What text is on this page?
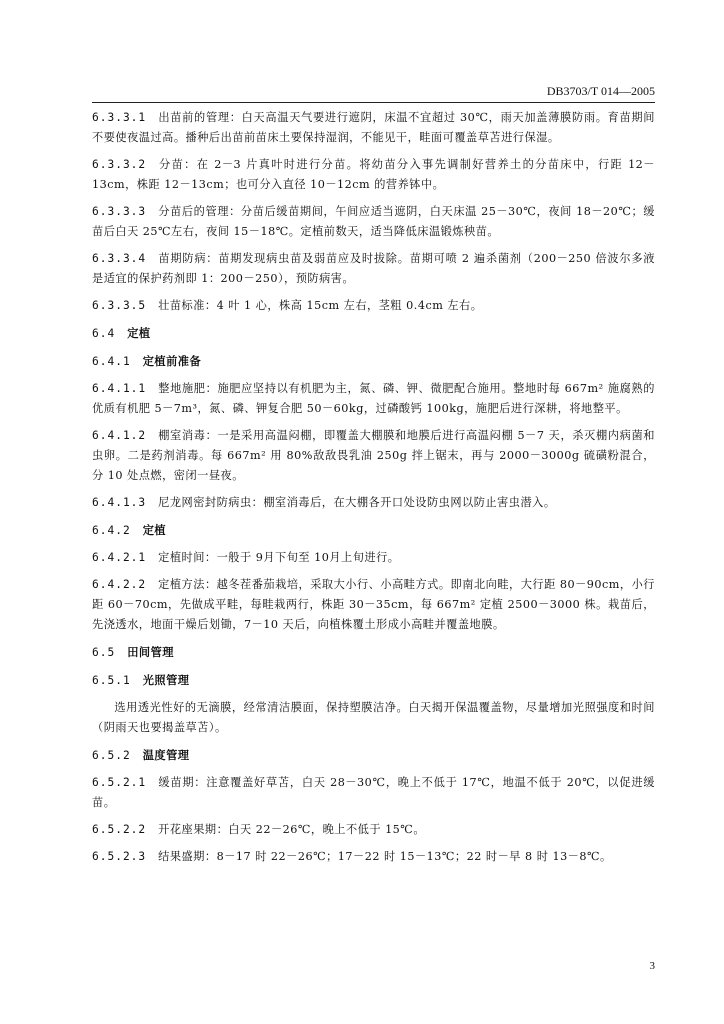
DB3703/T 014—2005

6.3.3.1 出苗前的管理：白天高温天气要进行遮阴，床温不宜超过 30℃，雨天加盖薄膜防雨。育苗期间不要使夜温过高。播种后出苗前苗床土要保持湿润，不能见干，畦面可覆盖草苫进行保湿。

6.3.3.2 分苗：在 2－3 片真叶时进行分苗。将幼苗分入事先调制好营养土的分苗床中，行距 12－13cm，株距 12－13cm；也可分入直径 10－12cm 的营养钵中。

6.3.3.3 分苗后的管理：分苗后缓苗期间，午间应适当遮阴，白天床温 25－30℃，夜间 18－20℃；缓苗后白天 25℃左右，夜间 15－18℃。定植前数天，适当降低床温锻炼秧苗。

6.3.3.4 苗期防病：苗期发现病虫苗及弱苗应及时拔除。苗期可喷 2 遍杀菌剂（200－250 倍波尔多液是适宜的保护药剂即 1：200－250），预防病害。

6.3.3.5 壮苗标准：4 叶 1 心，株高 15cm 左右，茎粗 0.4cm 左右。

6.4 定植

6.4.1 定植前准备

6.4.1.1 整地施肥：施肥应坚持以有机肥为主，氮、磷、钾、微肥配合施用。整地时每 667m² 施腐熟的优质有机肥 5－7m³，氮、磷、钾复合肥 50－60kg，过磷酸钙 100kg，施肥后进行深耕，将地整平。

6.4.1.2 棚室消毒：一是采用高温闷棚，即覆盖大棚膜和地膜后进行高温闷棚 5－7 天，杀灭棚内病菌和虫卵。二是药剂消毒。每 667m² 用 80%敌敌畏乳油 250g 拌上锯末，再与 2000－3000g 硫磺粉混合，分 10 处点燃，密闭一昼夜。

6.4.1.3 尼龙网密封防病虫：棚室消毒后，在大棚各开口处设防虫网以防止害虫潜入。

6.4.2 定植

6.4.2.1 定植时间：一般于 9月下旬至 10月上旬进行。

6.4.2.2 定植方法：越冬茬番茄栽培，采取大小行、小高畦方式。即南北向畦，大行距 80－90cm，小行距 60－70cm，先做成平畦，每畦栽两行，株距 30－35cm，每 667m² 定植 2500－3000 株。栽苗后，先浇透水，地面干燥后划锄，7－10 天后，向植株覆土形成小高畦并覆盖地膜。

6.5 田间管理

6.5.1 光照管理

选用透光性好的无滴膜，经常清洁膜面，保持塑膜洁净。白天揭开保温覆盖物，尽量增加光照强度和时间（阴雨天也要揭盖草苫）。

6.5.2 温度管理

6.5.2.1 缓苗期：注意覆盖好草苫，白天 28－30℃，晚上不低于 17℃，地温不低于 20℃，以促进缓苗。

6.5.2.2 开花座果期：白天 22－26℃，晚上不低于 15℃。

6.5.2.3 结果盛期：8－17 时 22－26℃；17－22 时 15－13℃；22 时－早 8 时 13－8℃。

3
